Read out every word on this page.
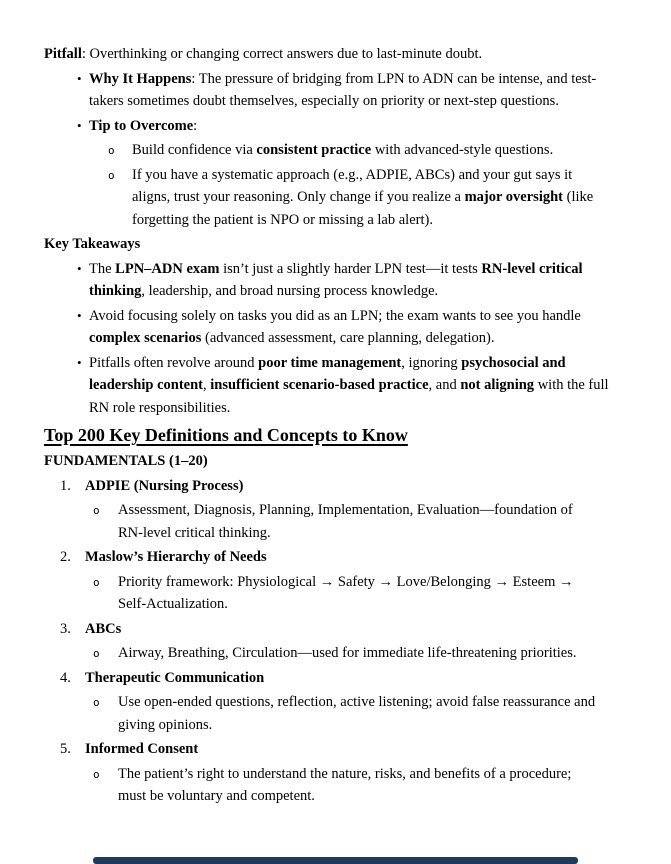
Pitfall: Overthinking or changing correct answers due to last-minute doubt.
• Why It Happens: The pressure of bridging from LPN to ADN can be intense, and test-
takers sometimes doubt themselves, especially on priority or next-step questions.
• Tip to Overcome:
o Build confidence via consistent practice with advanced-style questions.
o If you have a systematic approach (e.g., ADPIE, ABCs) and your gut says it
aligns, trust your reasoning. Only change if you realize a major oversight (like
forgetting the patient is NPO or missing a lab alert).
Key Takeaways
• The LPN–ADN exam isn’t just a slightly harder LPN test—it tests RN-level critical
thinking, leadership, and broad nursing process knowledge.
• Avoid focusing solely on tasks you did as an LPN; the exam wants to see you handle
complex scenarios (advanced assessment, care planning, delegation).
• Pitfalls often revolve around poor time management, ignoring psychosocial and
leadership content, insufficient scenario-based practice, and not aligning with the full
RN role responsibilities.
Top 200 Key Definitions and Concepts to Know
FUNDAMENTALS (1–20)
1. ADPIE (Nursing Process)
o Assessment, Diagnosis, Planning, Implementation, Evaluation—foundation of
RN-level critical thinking.
2. Maslow’s Hierarchy of Needs
o Priority framework: Physiological → Safety → Love/Belonging → Esteem →
Self-Actualization.
3. ABCs
o Airway, Breathing, Circulation—used for immediate life-threatening priorities.
4. Therapeutic Communication
o Use open-ended questions, reflection, active listening; avoid false reassurance and
giving opinions.
5. Informed Consent
o The patient’s right to understand the nature, risks, and benefits of a procedure;
must be voluntary and competent.
